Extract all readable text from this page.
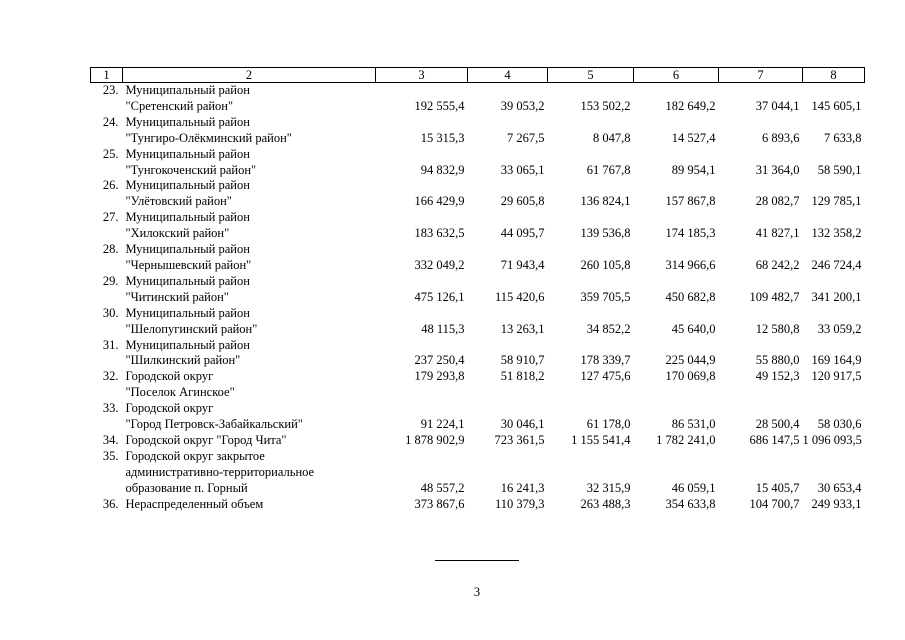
1	2	3	4	5	6	7	8
23.	Муниципальный район						
	"Сретенский район"	192 555,4	39 053,2	153 502,2	182 649,2	37 044,1	145 605,1
24.	Муниципальный район						
	"Тунгиро-Олёкминский район"	15 315,3	7 267,5	8 047,8	14 527,4	6 893,6	7 633,8
25.	Муниципальный район						
	"Тунгокоченский район"	94 832,9	33 065,1	61 767,8	89 954,1	31 364,0	58 590,1
26.	Муниципальный район						
	"Улётовский район"	166 429,9	29 605,8	136 824,1	157 867,8	28 082,7	129 785,1
27.	Муниципальный район						
	"Хилокский район"	183 632,5	44 095,7	139 536,8	174 185,3	41 827,1	132 358,2
28.	Муниципальный район						
	"Чернышевский район"	332 049,2	71 943,4	260 105,8	314 966,6	68 242,2	246 724,4
29.	Муниципальный район						
	"Читинский район"	475 126,1	115 420,6	359 705,5	450 682,8	109 482,7	341 200,1
30.	Муниципальный район						
	"Шелопугинский район"	48 115,3	13 263,1	34 852,2	45 640,0	12 580,8	33 059,2
31.	Муниципальный район						
	"Шилкинский район"	237 250,4	58 910,7	178 339,7	225 044,9	55 880,0	169 164,9
32.	Городской округ	179 293,8	51 818,2	127 475,6	170 069,8	49 152,3	120 917,5
	"Поселок Агинское"						
33.	Городской округ						
	"Город Петровск-Забайкальский"	91 224,1	30 046,1	61 178,0	86 531,0	28 500,4	58 030,6
34.	Городской округ "Город Чита"	1 878 902,9	723 361,5	1 155 541,4	1 782 241,0	686 147,5	1 096 093,5
35.	Городской округ закрытое						
	административно-территориальное						
	образование п. Горный	48 557,2	16 241,3	32 315,9	46 059,1	15 405,7	30 653,4
36.	Нераспределенный объем	373 867,6	110 379,3	263 488,3	354 633,8	104 700,7	249 933,1
3
